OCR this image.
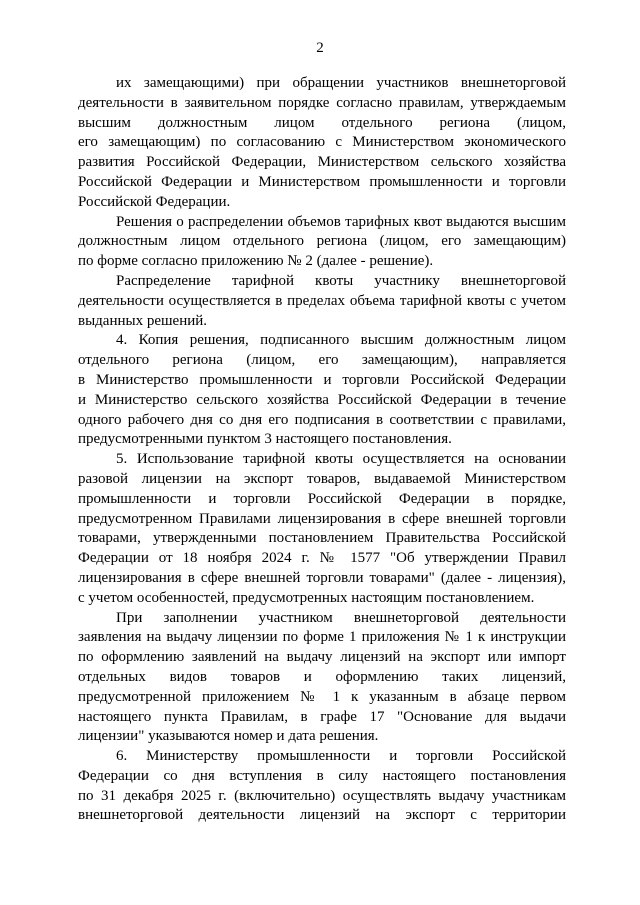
2

их замещающими) при обращении участников внешнеторговой
деятельности в заявительном порядке согласно правилам, утверждаемым
высшим должностным лицом отдельного региона (лицом,
его замещающим) по согласованию с Министерством экономического
развития Российской Федерации, Министерством сельского хозяйства
Российской Федерации и Министерством промышленности и торговли
Российской Федерации.

Решения о распределении объемов тарифных квот выдаются высшим
должностным лицом отдельного региона (лицом, его замещающим)
по форме согласно приложению № 2 (далее - решение).

Распределение тарифной квоты участнику внешнеторговой
деятельности осуществляется в пределах объема тарифной квоты с учетом
выданных решений.

4. Копия решения, подписанного высшим должностным лицом
отдельного региона (лицом, его замещающим), направляется
в Министерство промышленности и торговли Российской Федерации
и Министерство сельского хозяйства Российской Федерации в течение
одного рабочего дня со дня его подписания в соответствии с правилами,
предусмотренными пунктом 3 настоящего постановления.

5. Использование тарифной квоты осуществляется на основании
разовой лицензии на экспорт товаров, выдаваемой Министерством
промышленности и торговли Российской Федерации в порядке,
предусмотренном Правилами лицензирования в сфере внешней торговли
товарами, утвержденными постановлением Правительства Российской
Федерации от 18 ноября 2024 г. № 1577 "Об утверждении Правил
лицензирования в сфере внешней торговли товарами" (далее - лицензия),
с учетом особенностей, предусмотренных настоящим постановлением.

При заполнении участником внешнеторговой деятельности
заявления на выдачу лицензии по форме 1 приложения № 1 к инструкции
по оформлению заявлений на выдачу лицензий на экспорт или импорт
отдельных видов товаров и оформлению таких лицензий,
предусмотренной приложением № 1 к указанным в абзаце первом
настоящего пункта Правилам, в графе 17 "Основание для выдачи
лицензии" указываются номер и дата решения.

6. Министерству промышленности и торговли Российской
Федерации со дня вступления в силу настоящего постановления
по 31 декабря 2025 г. (включительно) осуществлять выдачу участникам
внешнеторговой деятельности лицензий на экспорт с территории
